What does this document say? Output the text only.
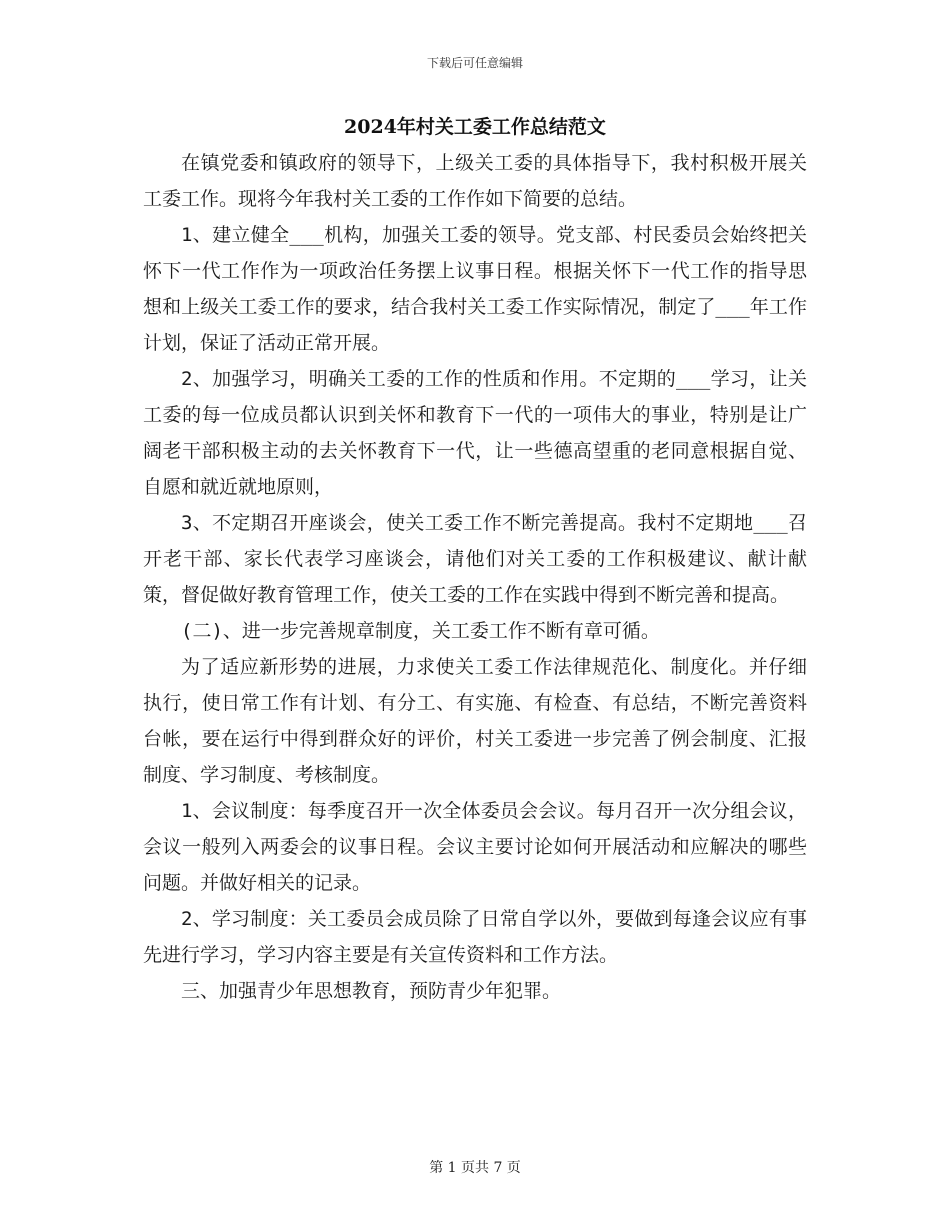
下载后可任意编辑
2024年村关工委工作总结范文

在镇党委和镇政府的领导下，上级关工委的具体指导下，我村积极开展关工委工作。现将今年我村关工委的工作作如下简要的总结。

1、建立健全___机构，加强关工委的领导。党支部、村民委员会始终把关怀下一代工作作为一项政治任务摆上议事日程。根据关怀下一代工作的指导思想和上级关工委工作的要求，结合我村关工委工作实际情况，制定了___年工作计划，保证了活动正常开展。

2、加强学习，明确关工委的工作的性质和作用。不定期的___学习，让关工委的每一位成员都认识到关怀和教育下一代的一项伟大的事业，特别是让广阔老干部积极主动的去关怀教育下一代，让一些德高望重的老同意根据自觉、自愿和就近就地原则，

3、不定期召开座谈会，使关工委工作不断完善提高。我村不定期地___召开老干部、家长代表学习座谈会，请他们对关工委的工作积极建议、献计献策，督促做好教育管理工作，使关工委的工作在实践中得到不断完善和提高。

(二)、进一步完善规章制度，关工委工作不断有章可循。

为了适应新形势的进展，力求使关工委工作法律规范化、制度化。并仔细执行，使日常工作有计划、有分工、有实施、有检查、有总结，不断完善资料台帐，要在运行中得到群众好的评价，村关工委进一步完善了例会制度、汇报制度、学习制度、考核制度。

1、会议制度：每季度召开一次全体委员会会议。每月召开一次分组会议，会议一般列入两委会的议事日程。会议主要讨论如何开展活动和应解决的哪些问题。并做好相关的记录。

2、学习制度：关工委员会成员除了日常自学以外，要做到每逢会议应有事先进行学习，学习内容主要是有关宣传资料和工作方法。

三、加强青少年思想教育，预防青少年犯罪。

第 1 页共 7 页
